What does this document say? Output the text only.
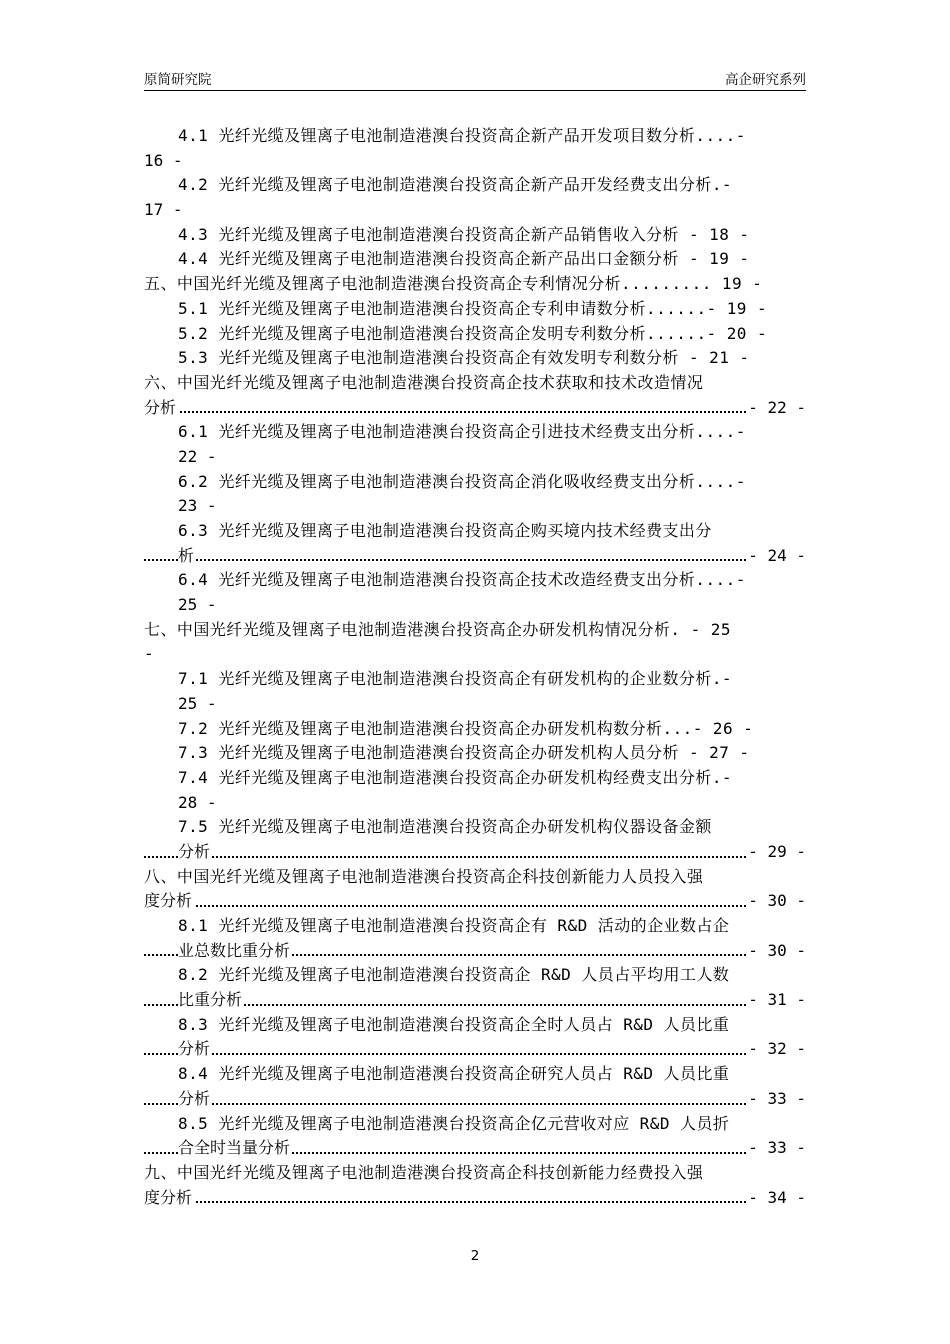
原简研究院	高企研究系列
4.1 光纤光缆及锂离子电池制造港澳台投资高企新产品开发项目数分析....-
16 -
4.2 光纤光缆及锂离子电池制造港澳台投资高企新产品开发经费支出分析.-
17 -
4.3 光纤光缆及锂离子电池制造港澳台投资高企新产品销售收入分析 - 18 -
4.4 光纤光缆及锂离子电池制造港澳台投资高企新产品出口金额分析 - 19 -
五、中国光纤光缆及锂离子电池制造港澳台投资高企专利情况分析......... 19 -
5.1 光纤光缆及锂离子电池制造港澳台投资高企专利申请数分析......- 19 -
5.2 光纤光缆及锂离子电池制造港澳台投资高企发明专利数分析......- 20 -
5.3 光纤光缆及锂离子电池制造港澳台投资高企有效发明专利数分析 - 21 -
六、中国光纤光缆及锂离子电池制造港澳台投资高企技术获取和技术改造情况
分析	- 22 -
6.1 光纤光缆及锂离子电池制造港澳台投资高企引进技术经费支出分析....-
22 -
6.2 光纤光缆及锂离子电池制造港澳台投资高企消化吸收经费支出分析....-
23 -
6.3 光纤光缆及锂离子电池制造港澳台投资高企购买境内技术经费支出分
析	- 24 -
6.4 光纤光缆及锂离子电池制造港澳台投资高企技术改造经费支出分析....-
25 -
七、中国光纤光缆及锂离子电池制造港澳台投资高企办研发机构情况分析. - 25
-
7.1 光纤光缆及锂离子电池制造港澳台投资高企有研发机构的企业数分析.-
25 -
7.2 光纤光缆及锂离子电池制造港澳台投资高企办研发机构数分析...- 26 -
7.3 光纤光缆及锂离子电池制造港澳台投资高企办研发机构人员分析 - 27 -
7.4 光纤光缆及锂离子电池制造港澳台投资高企办研发机构经费支出分析.-
28 -
7.5 光纤光缆及锂离子电池制造港澳台投资高企办研发机构仪器设备金额
分析	- 29 -
八、中国光纤光缆及锂离子电池制造港澳台投资高企科技创新能力人员投入强
度分析	- 30 -
8.1 光纤光缆及锂离子电池制造港澳台投资高企有 R&D 活动的企业数占企
业总数比重分析	- 30 -
8.2 光纤光缆及锂离子电池制造港澳台投资高企 R&D 人员占平均用工人数
比重分析	- 31 -
8.3 光纤光缆及锂离子电池制造港澳台投资高企全时人员占 R&D 人员比重
分析	- 32 -
8.4 光纤光缆及锂离子电池制造港澳台投资高企研究人员占 R&D 人员比重
分析	- 33 -
8.5 光纤光缆及锂离子电池制造港澳台投资高企亿元营收对应 R&D 人员折
合全时当量分析	- 33 -
九、中国光纤光缆及锂离子电池制造港澳台投资高企科技创新能力经费投入强
度分析	- 34 -
2
